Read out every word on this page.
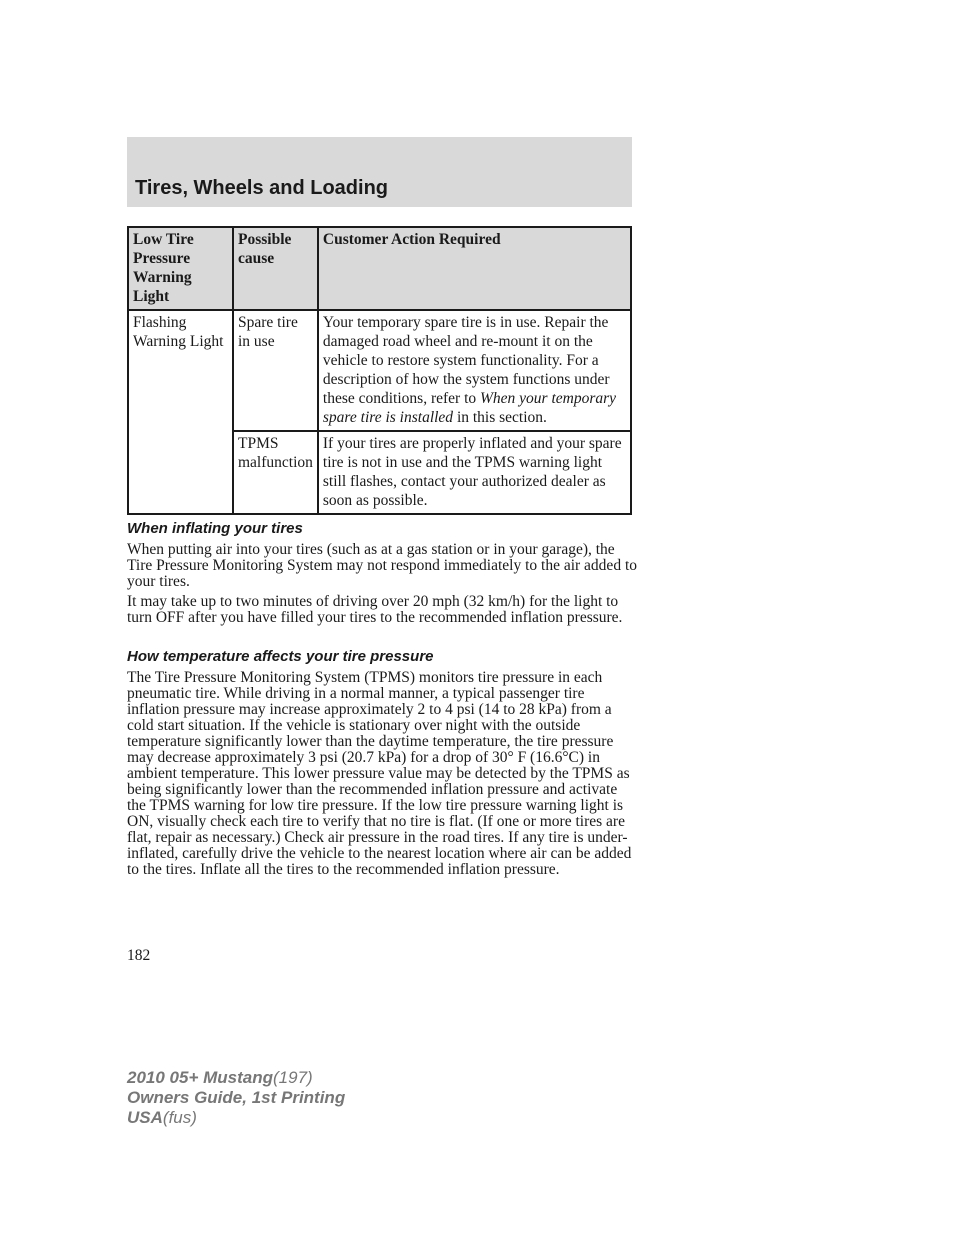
Tires, Wheels and Loading
Low Tire Pressure Warning Light	Possible cause	Customer Action Required
Flashing Warning Light	Spare tire in use	Your temporary spare tire is in use. Repair the damaged road wheel and re-mount it on the vehicle to restore system functionality. For a description of how the system functions under these conditions, refer to When your temporary spare tire is installed in this section.
	TPMS malfunction	If your tires are properly inflated and your spare tire is not in use and the TPMS warning light still flashes, contact your authorized dealer as soon as possible.
When inflating your tires

When putting air into your tires (such as at a gas station or in your garage), the Tire Pressure Monitoring System may not respond immediately to the air added to your tires.

It may take up to two minutes of driving over 20 mph (32 km/h) for the light to turn OFF after you have filled your tires to the recommended inflation pressure.

How temperature affects your tire pressure

The Tire Pressure Monitoring System (TPMS) monitors tire pressure in each pneumatic tire. While driving in a normal manner, a typical passenger tire inflation pressure may increase approximately 2 to 4 psi (14 to 28 kPa) from a cold start situation. If the vehicle is stationary over night with the outside temperature significantly lower than the daytime temperature, the tire pressure may decrease approximately 3 psi (20.7 kPa) for a drop of 30° F (16.6°C) in ambient temperature. This lower pressure value may be detected by the TPMS as being significantly lower than the recommended inflation pressure and activate the TPMS warning for low tire pressure. If the low tire pressure warning light is ON, visually check each tire to verify that no tire is flat. (If one or more tires are flat, repair as necessary.) Check air pressure in the road tires. If any tire is under-inflated, carefully drive the vehicle to the nearest location where air can be added to the tires. Inflate all the tires to the recommended inflation pressure.

182
2010 05+ Mustang(197)
Owners Guide, 1st Printing
USA(fus)
